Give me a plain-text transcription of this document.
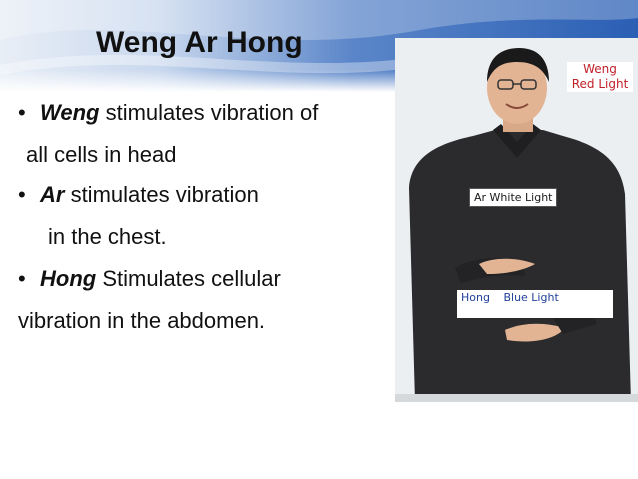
Weng Ar Hong
• Weng stimulates vibration of
all cells in head
• Ar stimulates vibration
in the chest.
• Hong Stimulates cellular
vibration in the abdomen.
Weng
Red Light
Ar White Light
Hong Blue Light
